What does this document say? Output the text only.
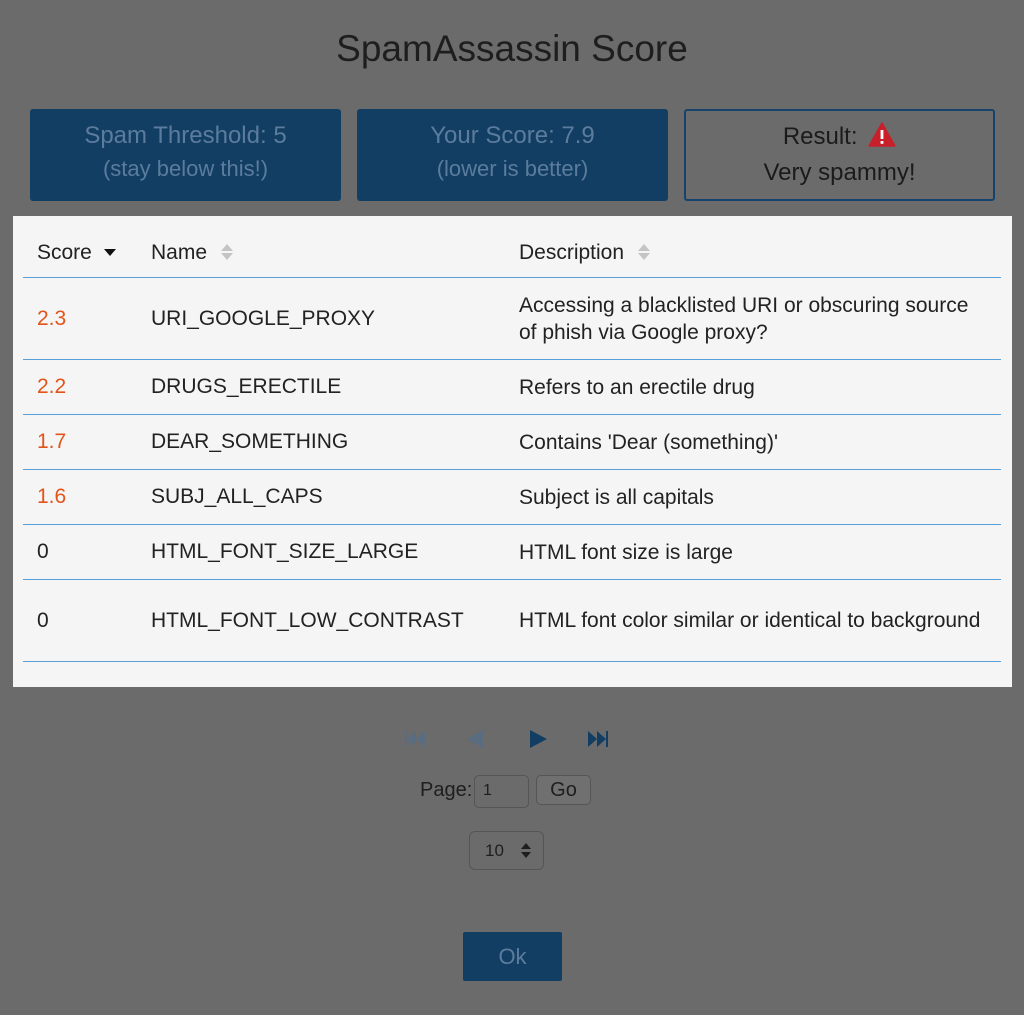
SpamAssassin Score
Spam Threshold: 5
(stay below this!)
Your Score: 7.9
(lower is better)
Result:
Very spammy!
Score	Name	Description
2.3	URI_GOOGLE_PROXY	Accessing a blacklisted URI or obscuring source of phish via Google proxy?
2.2	DRUGS_ERECTILE	Refers to an erectile drug
1.7	DEAR_SOMETHING	Contains 'Dear (something)'
1.6	SUBJ_ALL_CAPS	Subject is all capitals
0	HTML_FONT_SIZE_LARGE	HTML font size is large
0	HTML_FONT_LOW_CONTRAST	HTML font color similar or identical to background
Page: 1	Go
10
Ok
